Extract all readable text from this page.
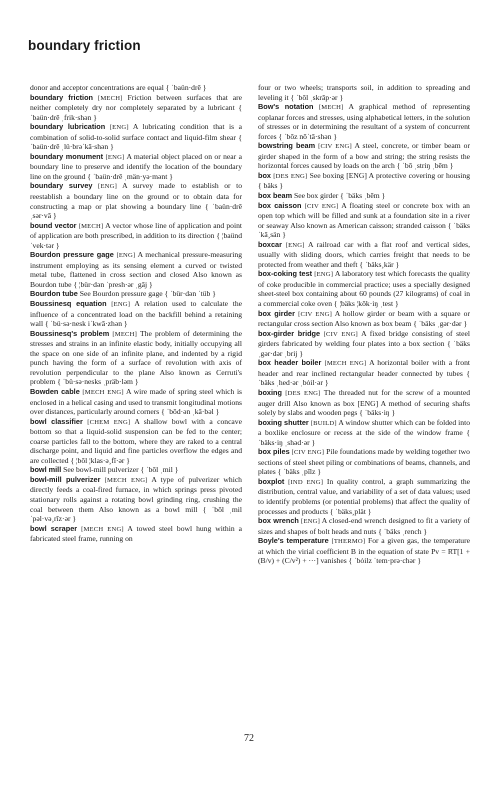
boundary friction

donor and acceptor concentrations are equal { ˈbaün·drē }

boundary friction [MECH] Friction between surfaces that are neither completely dry nor completely separated by a lubricant { ˈbaün·drē ˌfrik·shən }

boundary lubrication [ENG] A lubricating condition that is a combination of solid-to-solid surface contact and liquid-film shear { ˈbaün·drē ˌlü·brəˈkā·shən }

boundary monument [ENG] A material object placed on or near a boundary line to preserve and identify the location of the boundary line on the ground { ˈbaün·drē ˌmän·yə·mənt }

boundary survey [ENG] A survey made to establish or to reestablish a boundary line on the ground or to obtain data for constructing a map or plat showing a boundary line { ˈbaün·drē ˌsər·vā }

bound vector [MECH] A vector whose line of application and point of application are both prescribed, in addition to its direction { ¦baünd ˈvek·tər }

Bourdon pressure gage [ENG] A mechanical pressure-measuring instrument employing as its sensing element a curved or twisted metal tube, flattened in cross section and closed Also known as Bourdon tube { ¦bür·dən ˈpresh·ər ˌgāj }

Bourdon tube See Bourdon pressure gage { ˈbür·dən ˈtüb }

Boussinesq equation [ENG] A relation used to calculate the influence of a concentrated load on the backfill behind a retaining wall { ˈbü·sə·nesk iˈkwā·zhən }

Boussinesq's problem [MECH] The problem of determining the stresses and strains in an infinite elastic body, initially occupying all the space on one side of an infinite plane, and indented by a rigid punch having the form of a surface of revolution with axis of revolution perpendicular to the plane Also known as Cerruti's problem { ˈbü·sə·nesks ˌpräb·ləm }

Bowden cable [MECH ENG] A wire made of spring steel which is enclosed in a helical casing and used to transmit longitudinal motions over distances, particularly around corners { ˈbōd·ən ˌkā·bəl }

bowl classifier [CHEM ENG] A shallow bowl with a concave bottom so that a liquid-solid suspension can be fed to the center; coarse particles fall to the bottom, where they are raked to a central discharge point, and liquid and fine particles overflow the edges and are collected { ¦bōl ¦klas·ə¸fī·ər }

bowl mill See bowl-mill pulverizer { ˈbōl ˌmil }

bowl-mill pulverizer [MECH ENG] A type of pulverizer which directly feeds a coal-fired furnace, in which springs press pivoted stationary rolls against a rotating bowl grinding ring, crushing the coal between them Also known as a bowl mill { ˈbōl ˌmil ˈpəl·və¸rīz·ər }

bowl scraper [MECH ENG] A towed steel bowl hung within a fabricated steel frame, running on

four or two wheels; transports soil, in addition to spreading and leveling it { ˈbōl ˌskrāp·ər }

Bow's notation [MECH] A graphical method of representing coplanar forces and stresses, using alphabetical letters, in the solution of stresses or in determining the resultant of a system of concurrent forces { ˈbōz nōˈtā·shən }

bowstring beam [CIV ENG] A steel, concrete, or timber beam or girder shaped in the form of a bow and string; the string resists the horizontal forces caused by loads on the arch { ˈbō ˌstriŋ ˌbēm }

box [DES ENG] See boxing [ENG] A protective covering or housing { bäks }

box beam See box girder { ˈbäks ˌbēm }

box caisson [CIV ENG] A floating steel or concrete box with an open top which will be filled and sunk at a foundation site in a river or seaway Also known as American caisson; stranded caisson { ˈbäks ˈkā¸sän }

boxcar [ENG] A railroad car with a flat roof and vertical sides, usually with sliding doors, which carries freight that needs to be protected from weather and theft { ˈbäks¸kär }

box-coking test [ENG] A laboratory test which forecasts the quality of coke producible in commercial practice; uses a specially designed sheet-steel box containing about 60 pounds (27 kilograms) of coal in a commercial coke oven { ¦bäks ¦kōk·iŋ ˌtest }

box girder [CIV ENG] A hollow girder or beam with a square or rectangular cross section Also known as box beam { ˈbäks ˌgər·dər }

box-girder bridge [CIV ENG] A fixed bridge consisting of steel girders fabricated by welding four plates into a box section { ˈbäks ˌgər·dər ˌbrij }

box header boiler [MECH ENG] A horizontal boiler with a front header and rear inclined rectangular header connected by tubes { ˈbäks ˌhed·ər ˌbȯil·ər }

boxing [DES ENG] The threaded nut for the screw of a mounted auger drill Also known as box [ENG] A method of securing shafts solely by slabs and wooden pegs { ˈbäks·iŋ }

boxing shutter [BUILD] A window shutter which can be folded into a boxlike enclosure or recess at the side of the window frame { ˈbäks·iŋ ˌshəd·ər }

box piles [CIV ENG] Pile foundations made by welding together two sections of steel sheet piling or combinations of beams, channels, and plates { ˈbäks ˌpīlz }

boxplot [IND ENG] In quality control, a graph summarizing the distribution, central value, and variability of a set of data values; used to identify problems (or potential problems) that affect the quality of processes and products { ˈbäks¸plät }

box wrench [ENG] A closed-end wrench designed to fit a variety of sizes and shapes of bolt heads and nuts { ˈbäks ˌrench }

Boyle's temperature [THERMO] For a given gas, the temperature at which the virial coefficient B in the equation of state Pv = RT[1 + (B/v) + (C/v²) + ···] vanishes { ˈbȯilz ˈtem·prə·chər }

72
